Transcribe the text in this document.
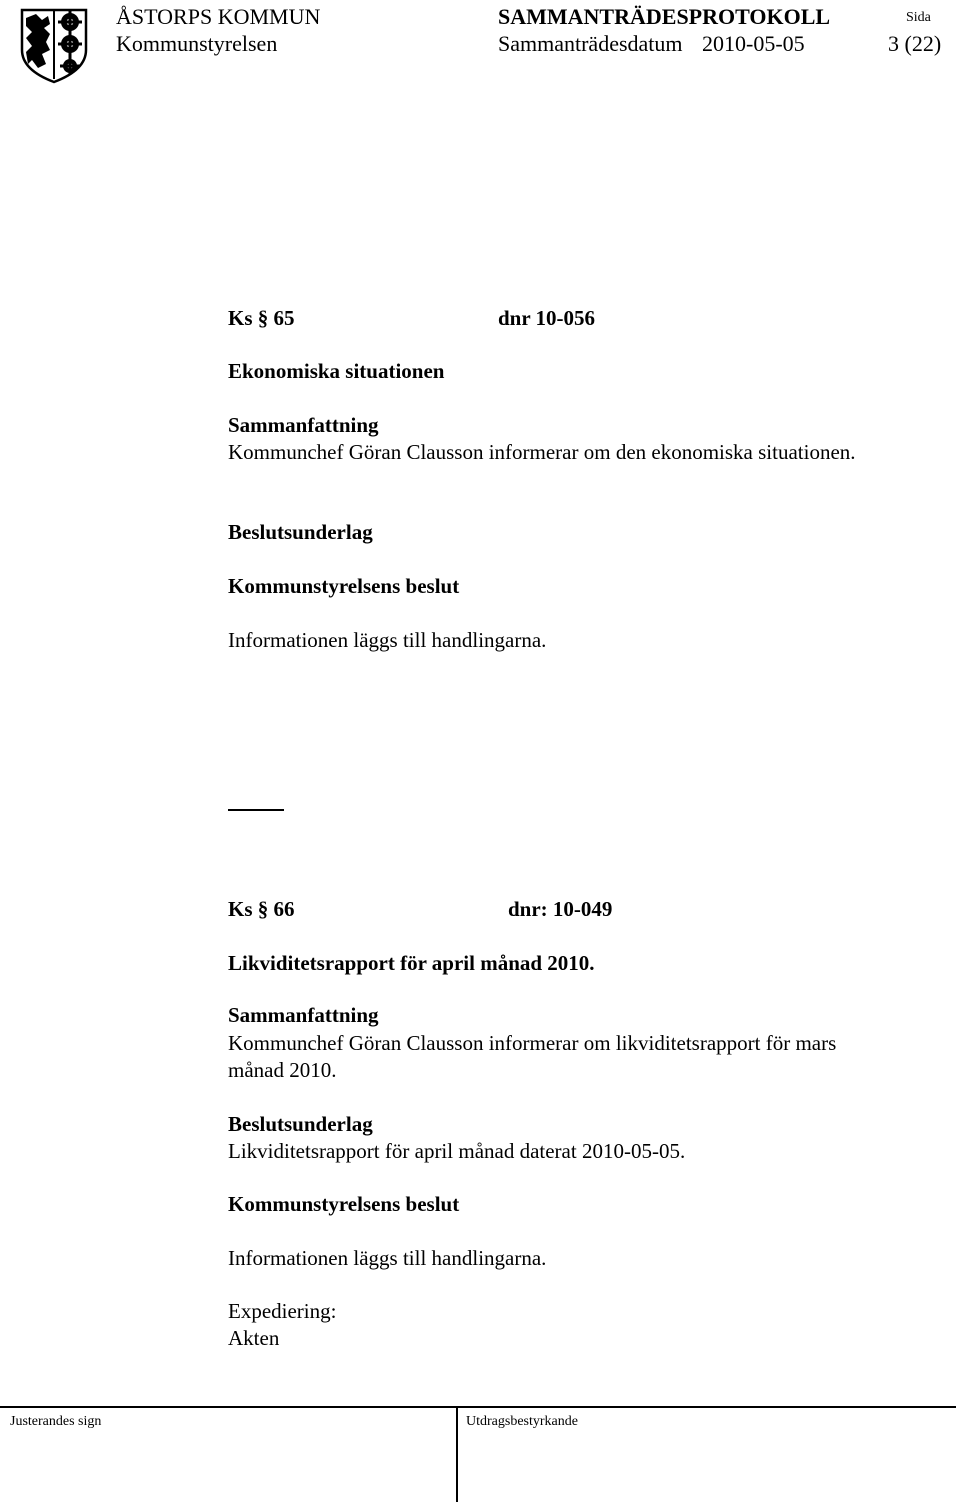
ÅSTORPS KOMMUN
Kommunstyrelsen
SAMMANTRÄDESPROTOKOLL
Sammanträdesdatum 2010-05-05
Sida
3 (22)
Ks § 65	dnr 10-056
Ekonomiska situationen
Sammanfattning
Kommunchef Göran Clausson informerar om den ekonomiska situationen.
Beslutsunderlag
Kommunstyrelsens beslut
Informationen läggs till handlingarna.
Ks § 66	dnr: 10-049
Likviditetsrapport för april månad 2010.
Sammanfattning
Kommunchef Göran Clausson informerar om likviditetsrapport för mars
månad 2010.
Beslutsunderlag
Likviditetsrapport för april månad daterat 2010-05-05.
Kommunstyrelsens beslut
Informationen läggs till handlingarna.
Expediering:
Akten
Justerandes sign	Utdragsbestyrkande
